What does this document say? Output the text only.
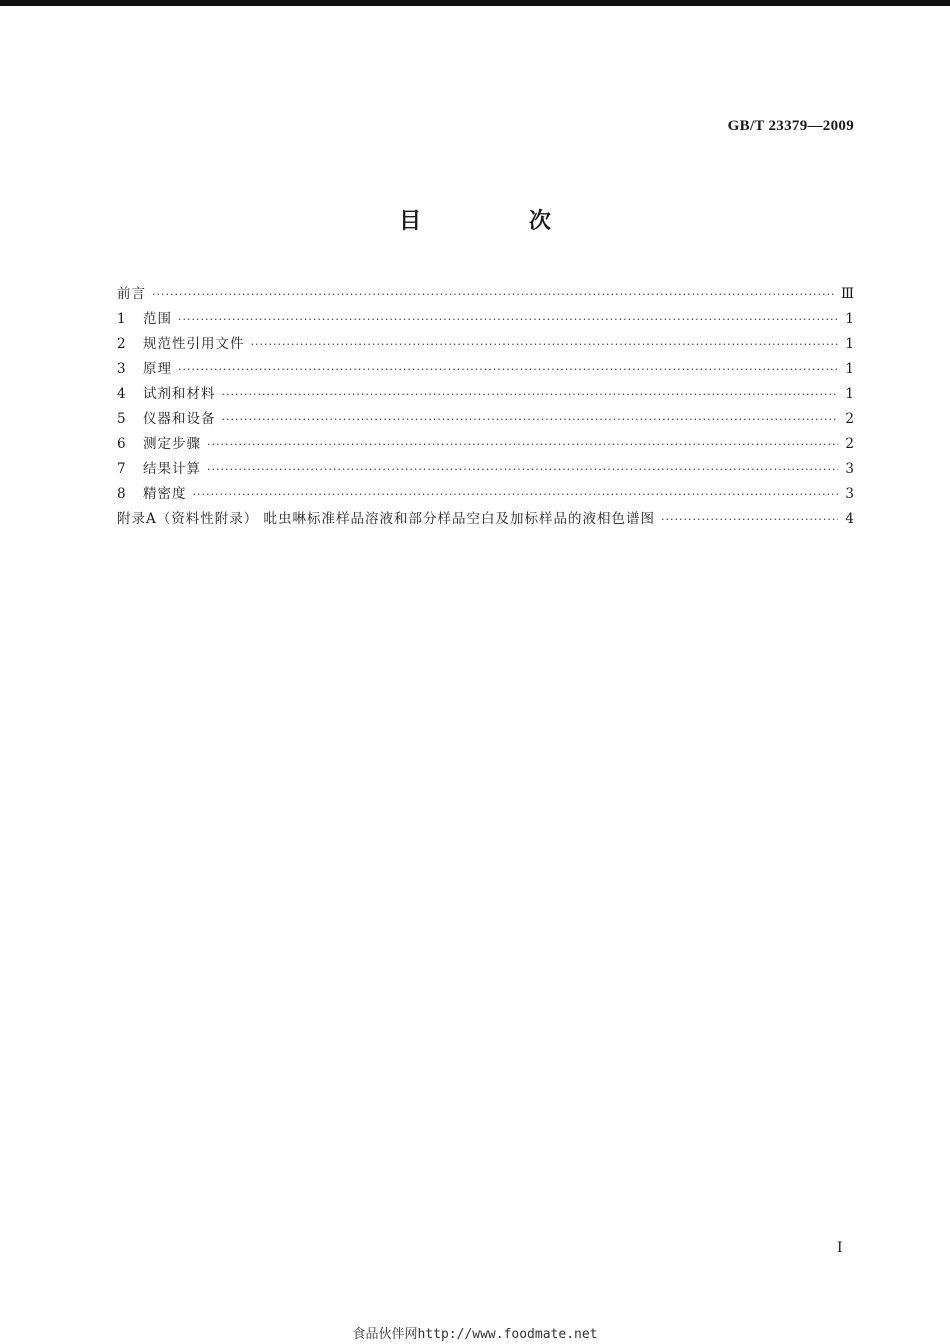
GB/T 23379—2009
目 次
前言 ·····	Ⅲ
1	范围 ·····	1
2	规范性引用文件 ·····	1
3	原理 ·····	1
4	试剂和材料 ·····	1
5	仪器和设备 ·····	2
6	测定步骤 ·····	2
7	结果计算 ·····	3
8	精密度 ·····	3
附录A（资料性附录） 吡虫啉标准样品溶液和部分样品空白及加标样品的液相色谱图 ·····	4
I
食品伙伴网http://www.foodmate.net
